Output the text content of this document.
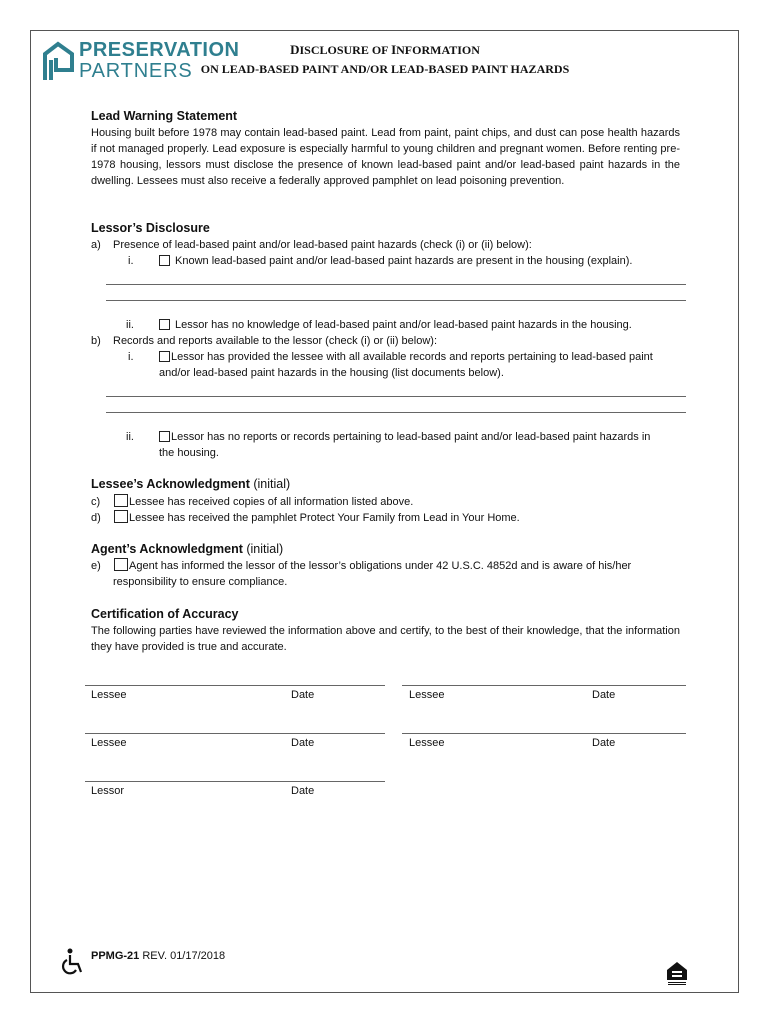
PRESERVATION
PARTNERS
DISCLOSURE OF INFORMATION
ON LEAD-BASED PAINT AND/OR LEAD-BASED PAINT HAZARDS
Lead Warning Statement
Housing built before 1978 may contain lead-based paint. Lead from paint, paint chips, and dust can pose health hazards if not managed properly. Lead exposure is especially harmful to young children and pregnant women. Before renting pre-1978 housing, lessors must disclose the presence of known lead-based paint and/or lead-based paint hazards in the dwelling. Lessees must also receive a federally approved pamphlet on lead poisoning prevention.
Lessor’s Disclosure
a) Presence of lead-based paint and/or lead-based paint hazards (check (i) or (ii) below):
i.	Known lead-based paint and/or lead-based paint hazards are present in the housing (explain).
ii.	Lessor has no knowledge of lead-based paint and/or lead-based paint hazards in the housing.
b) Records and reports available to the lessor (check (i) or (ii) below):
i.	Lessor has provided the lessee with all available records and reports pertaining to lead-based paint
and/or lead-based paint hazards in the housing (list documents below).
ii.	Lessor has no reports or records pertaining to lead-based paint and/or lead-based paint hazards in
the housing.
Lessee’s Acknowledgment (initial)
c)	Lessee has received copies of all information listed above.
d)	Lessee has received the pamphlet Protect Your Family from Lead in Your Home.
Agent’s Acknowledgment (initial)
e)	Agent has informed the lessor of the lessor’s obligations under 42 U.S.C. 4852d and is aware of his/her
responsibility to ensure compliance.
Certification of Accuracy
The following parties have reviewed the information above and certify, to the best of their knowledge, that the information they have provided is true and accurate.
Lessee	Date	Lessee	Date
Lessee	Date	Lessee	Date
Lessor	Date
PPMG-21 REV. 01/17/2018
